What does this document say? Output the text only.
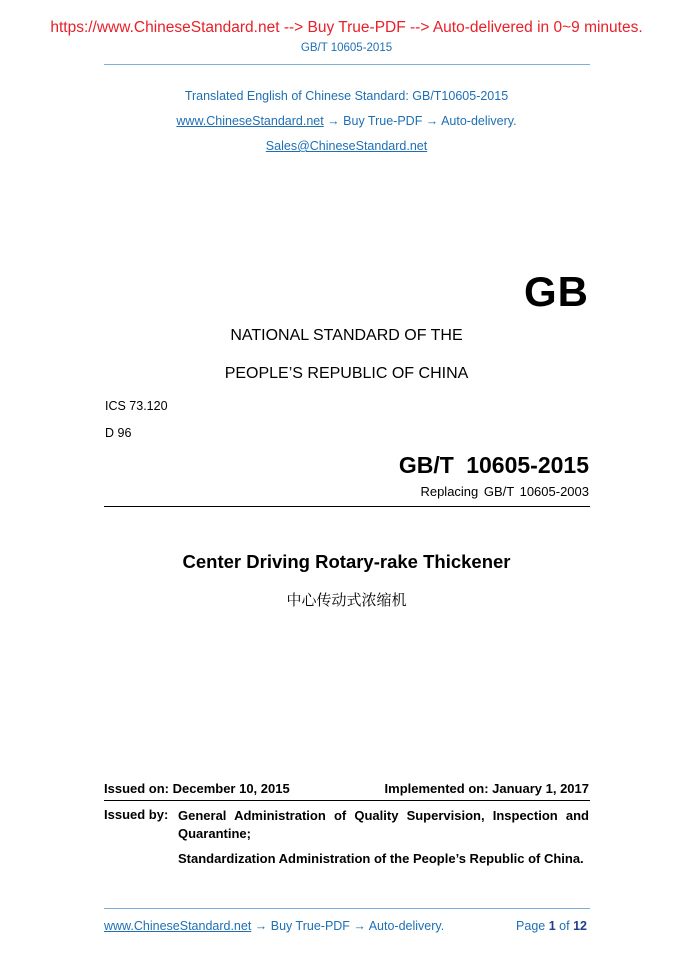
https://www.ChineseStandard.net --> Buy True-PDF --> Auto-delivered in 0~9 minutes.
GB/T 10605-2015
Translated English of Chinese Standard: GB/T10605-2015
www.ChineseStandard.net → Buy True-PDF → Auto-delivery.
Sales@ChineseStandard.net
GB
NATIONAL STANDARD OF THE
PEOPLE’S REPUBLIC OF CHINA
ICS 73.120
D 96
GB/T 10605-2015
Replacing GB/T 10605-2003
Center Driving Rotary-rake Thickener
中心传动式浓缩机
Issued on: December 10, 2015	Implemented on: January 1, 2017
Issued by: General Administration of Quality Supervision, Inspection and Quarantine;
Standardization Administration of the People’s Republic of China.
www.ChineseStandard.net → Buy True-PDF → Auto-delivery.	Page 1 of 12
